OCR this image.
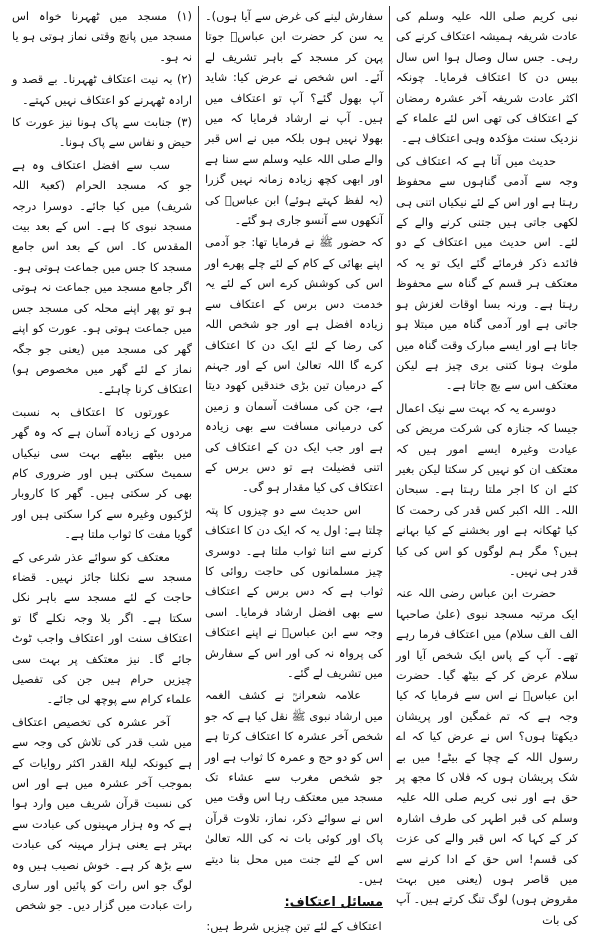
نبی کریم صلی اللہ علیہ وسلم کی عادت شریفہ ہمیشہ اعتکاف کرنے کی رہی۔ جس سال وصال ہوا اس سال بیس دن کا اعتکاف فرمایا۔ چونکہ اکثر عادت شریفہ آخر عشرہ رمضان کے اعتکاف کی تھی اس لئے علماء کے نزدیک سنت مؤکدہ وہی اعتکاف ہے۔

حدیث میں آتا ہے کہ اعتکاف کی وجہ سے آدمی گناہوں سے محفوظ رہتا ہے اور اس کے لئے نیکیاں اتنی ہی لکھی جاتی ہیں جتنی کرنے والے کے لئے۔ اس حدیث میں اعتکاف کے دو فائدے ذکر فرمائے گئے ایک تو یہ کہ معتکف ہر قسم کے گناہ سے محفوظ رہتا ہے۔ ورنہ بسا اوقات لغزش ہو جاتی ہے اور آدمی گناہ میں مبتلا ہو جاتا ہے اور ایسے مبارک وقت گناہ میں ملوث ہونا کتنی بری چیز ہے لیکن معتکف اس سے بچ جاتا ہے۔

دوسرے یہ کہ بہت سے نیک اعمال جیسا کہ جنازہ کی شرکت مریض کی عیادت وغیرہ ایسے امور ہیں کہ معتکف ان کو نہیں کر سکتا لیکن بغیر کئے ان کا اجر ملتا رہتا ہے۔ سبحان اللہ۔ اللہ اکبر کس قدر کی رحمت کا کیا ٹھکانہ ہے اور بخشنے کے کیا بہانے ہیں؟ مگر ہم لوگوں کو اس کی کیا قدر ہی نہیں۔

حضرت ابن عباس رضی اللہ عنہ ایک مرتبہ مسجد نبوی (علیٰ صاحبہا الف الف سلام) میں اعتکاف فرما رہے تھے۔ آپ کے پاس ایک شخص آیا اور سلام عرض کر کے بیٹھ گیا۔ حضرت ابن عباسؓ نے اس سے فرمایا کہ کیا وجہ ہے کہ تم غمگین اور پریشان دیکھتا ہوں؟ اس نے عرض کیا کہ اے رسول اللہ کے چچا کے بیٹے! میں بے شک پریشان ہوں کہ فلاں کا مجھ پر حق ہے اور نبی کریم صلی اللہ علیہ وسلم کی قبر اطہر کی طرف اشارہ کر کے کہا کہ اس قبر والے کی عزت کی قسم! اس حق کے ادا کرنے سے میں قاصر ہوں (یعنی میں بہت مقروض ہوں) لوگ تنگ کرتے ہیں۔ آپ کی بات

سفارش لینے کی غرض سے آیا ہوں)۔ یہ سن کر حضرت ابن عباسؓ جوتا پہن کر مسجد کے باہر تشریف لے آئے۔ اس شخص نے عرض کیا: شاید آپ بھول گئے؟ آپ تو اعتکاف میں ہیں۔ آپ نے ارشاد فرمایا کہ میں بھولا نہیں ہوں بلکہ میں نے اس قبر والے صلی اللہ علیہ وسلم سے سنا ہے اور ابھی کچھ زیادہ زمانہ نہیں گزرا (یہ لفظ کہتے ہوئے) ابن عباسؓ کی آنکھوں سے آنسو جاری ہو گئے۔

کہ حضور ﷺ نے فرمایا تھا: جو آدمی اپنے بھائی کے کام کے لئے چلے پھرے اور اس کی کوشش کرے اس کے لئے یہ خدمت دس برس کے اعتکاف سے زیادہ افضل ہے اور جو شخص اللہ کی رضا کے لئے ایک دن کا اعتکاف کرے گا اللہ تعالیٰ اس کے اور جہنم کے درمیان تین بڑی خندقیں کھود دیتا ہے، جن کی مسافت آسمان و زمین کی درمیانی مسافت سے بھی زیادہ ہے اور جب ایک دن کے اعتکاف کی اتنی فضیلت ہے تو دس برس کے اعتکاف کی کیا مقدار ہو گی۔

اس حدیث سے دو چیزوں کا پتہ چلتا ہے: اول یہ کہ ایک دن کا اعتکاف کرنے سے اتنا ثواب ملتا ہے۔ دوسری چیز مسلمانوں کی حاجت روائی کا ثواب ہے کہ دس برس کے اعتکاف سے بھی افضل ارشاد فرمایا۔ اسی وجہ سے ابن عباسؓ نے اپنے اعتکاف کی پرواہ نہ کی اور اس کے سفارش میں تشریف لے گئے۔

علامہ شعرانیؒ نے کشف الغمہ میں ارشاد نبوی ﷺ نقل کیا ہے کہ جو شخص آخر عشرہ کا اعتکاف کرتا ہے اس کو دو حج و عمرہ کا ثواب ہے اور جو شخص مغرب سے عشاء تک مسجد میں معتکف رہا اس وقت میں اس نے سوائے ذکر، نماز، تلاوت قرآن پاک اور کوئی بات نہ کی اللہ تعالیٰ اس کے لئے جنت میں محل بنا دیتے ہیں۔

مسائل اعتکاف:

اعتکاف کے لئے تین چیزیں شرط ہیں:

(۱) مسجد میں ٹھہرنا خواہ اس مسجد میں پانچ وقتی نماز ہوتی ہو یا نہ ہو۔

(۲) بہ نیت اعتکاف ٹھہرنا۔ بے قصد و ارادہ ٹھہرنے کو اعتکاف نہیں کہتے۔

(۳) جنابت سے پاک ہونا نیز عورت کا حیض و نفاس سے پاک ہونا۔

سب سے افضل اعتکاف وہ ہے جو کہ مسجد الحرام (کعبۃ اللہ شریف) میں کیا جائے۔ دوسرا درجہ مسجد نبوی کا ہے۔ اس کے بعد بیت المقدس کا۔ اس کے بعد اس جامع مسجد کا جس میں جماعت ہوتی ہو۔ اگر جامع مسجد میں جماعت نہ ہوتی ہو تو پھر اپنے محلہ کی مسجد جس میں جماعت ہوتی ہو۔ عورت کو اپنے گھر کی مسجد میں (یعنی جو جگہ نماز کے لئے گھر میں مخصوص ہو) اعتکاف کرنا چاہئے۔

عورتوں کا اعتکاف بہ نسبت مردوں کے زیادہ آسان ہے کہ وہ گھر میں بیٹھے بیٹھے بہت سی نیکیاں سمیٹ سکتی ہیں اور ضروری کام بھی کر سکتی ہیں۔ گھر کا کاروبار لڑکیوں وغیرہ سے کرا سکتی ہیں اور گویا مفت کا ثواب ملتا ہے۔

معتکف کو سوائے عذر شرعی کے مسجد سے نکلنا جائز نہیں۔ قضاء حاجت کے لئے مسجد سے باہر نکل سکتا ہے۔ اگر بلا وجہ نکلے گا تو اعتکاف سنت اور اعتکاف واجب ٹوٹ جائے گا۔ نیز معتکف پر بہت سی چیزیں حرام ہیں جن کی تفصیل علماء کرام سے پوچھ لی جائے۔

آخر عشرہ کی تخصیص اعتکاف میں شب قدر کی تلاش کی وجہ سے ہے کیونکہ لیلۃ القدر اکثر روایات کے بموجب آخر عشرہ میں ہے اور اس کی نسبت قرآن شریف میں وارد ہوا ہے کہ وہ ہزار مہینوں کی عبادت سے بہتر ہے یعنی ہزار مہینہ کی عبادت سے بڑھ کر ہے۔ خوش نصیب ہیں وہ لوگ جو اس رات کو پائیں اور ساری رات عبادت میں گزار دیں۔ جو شخص
